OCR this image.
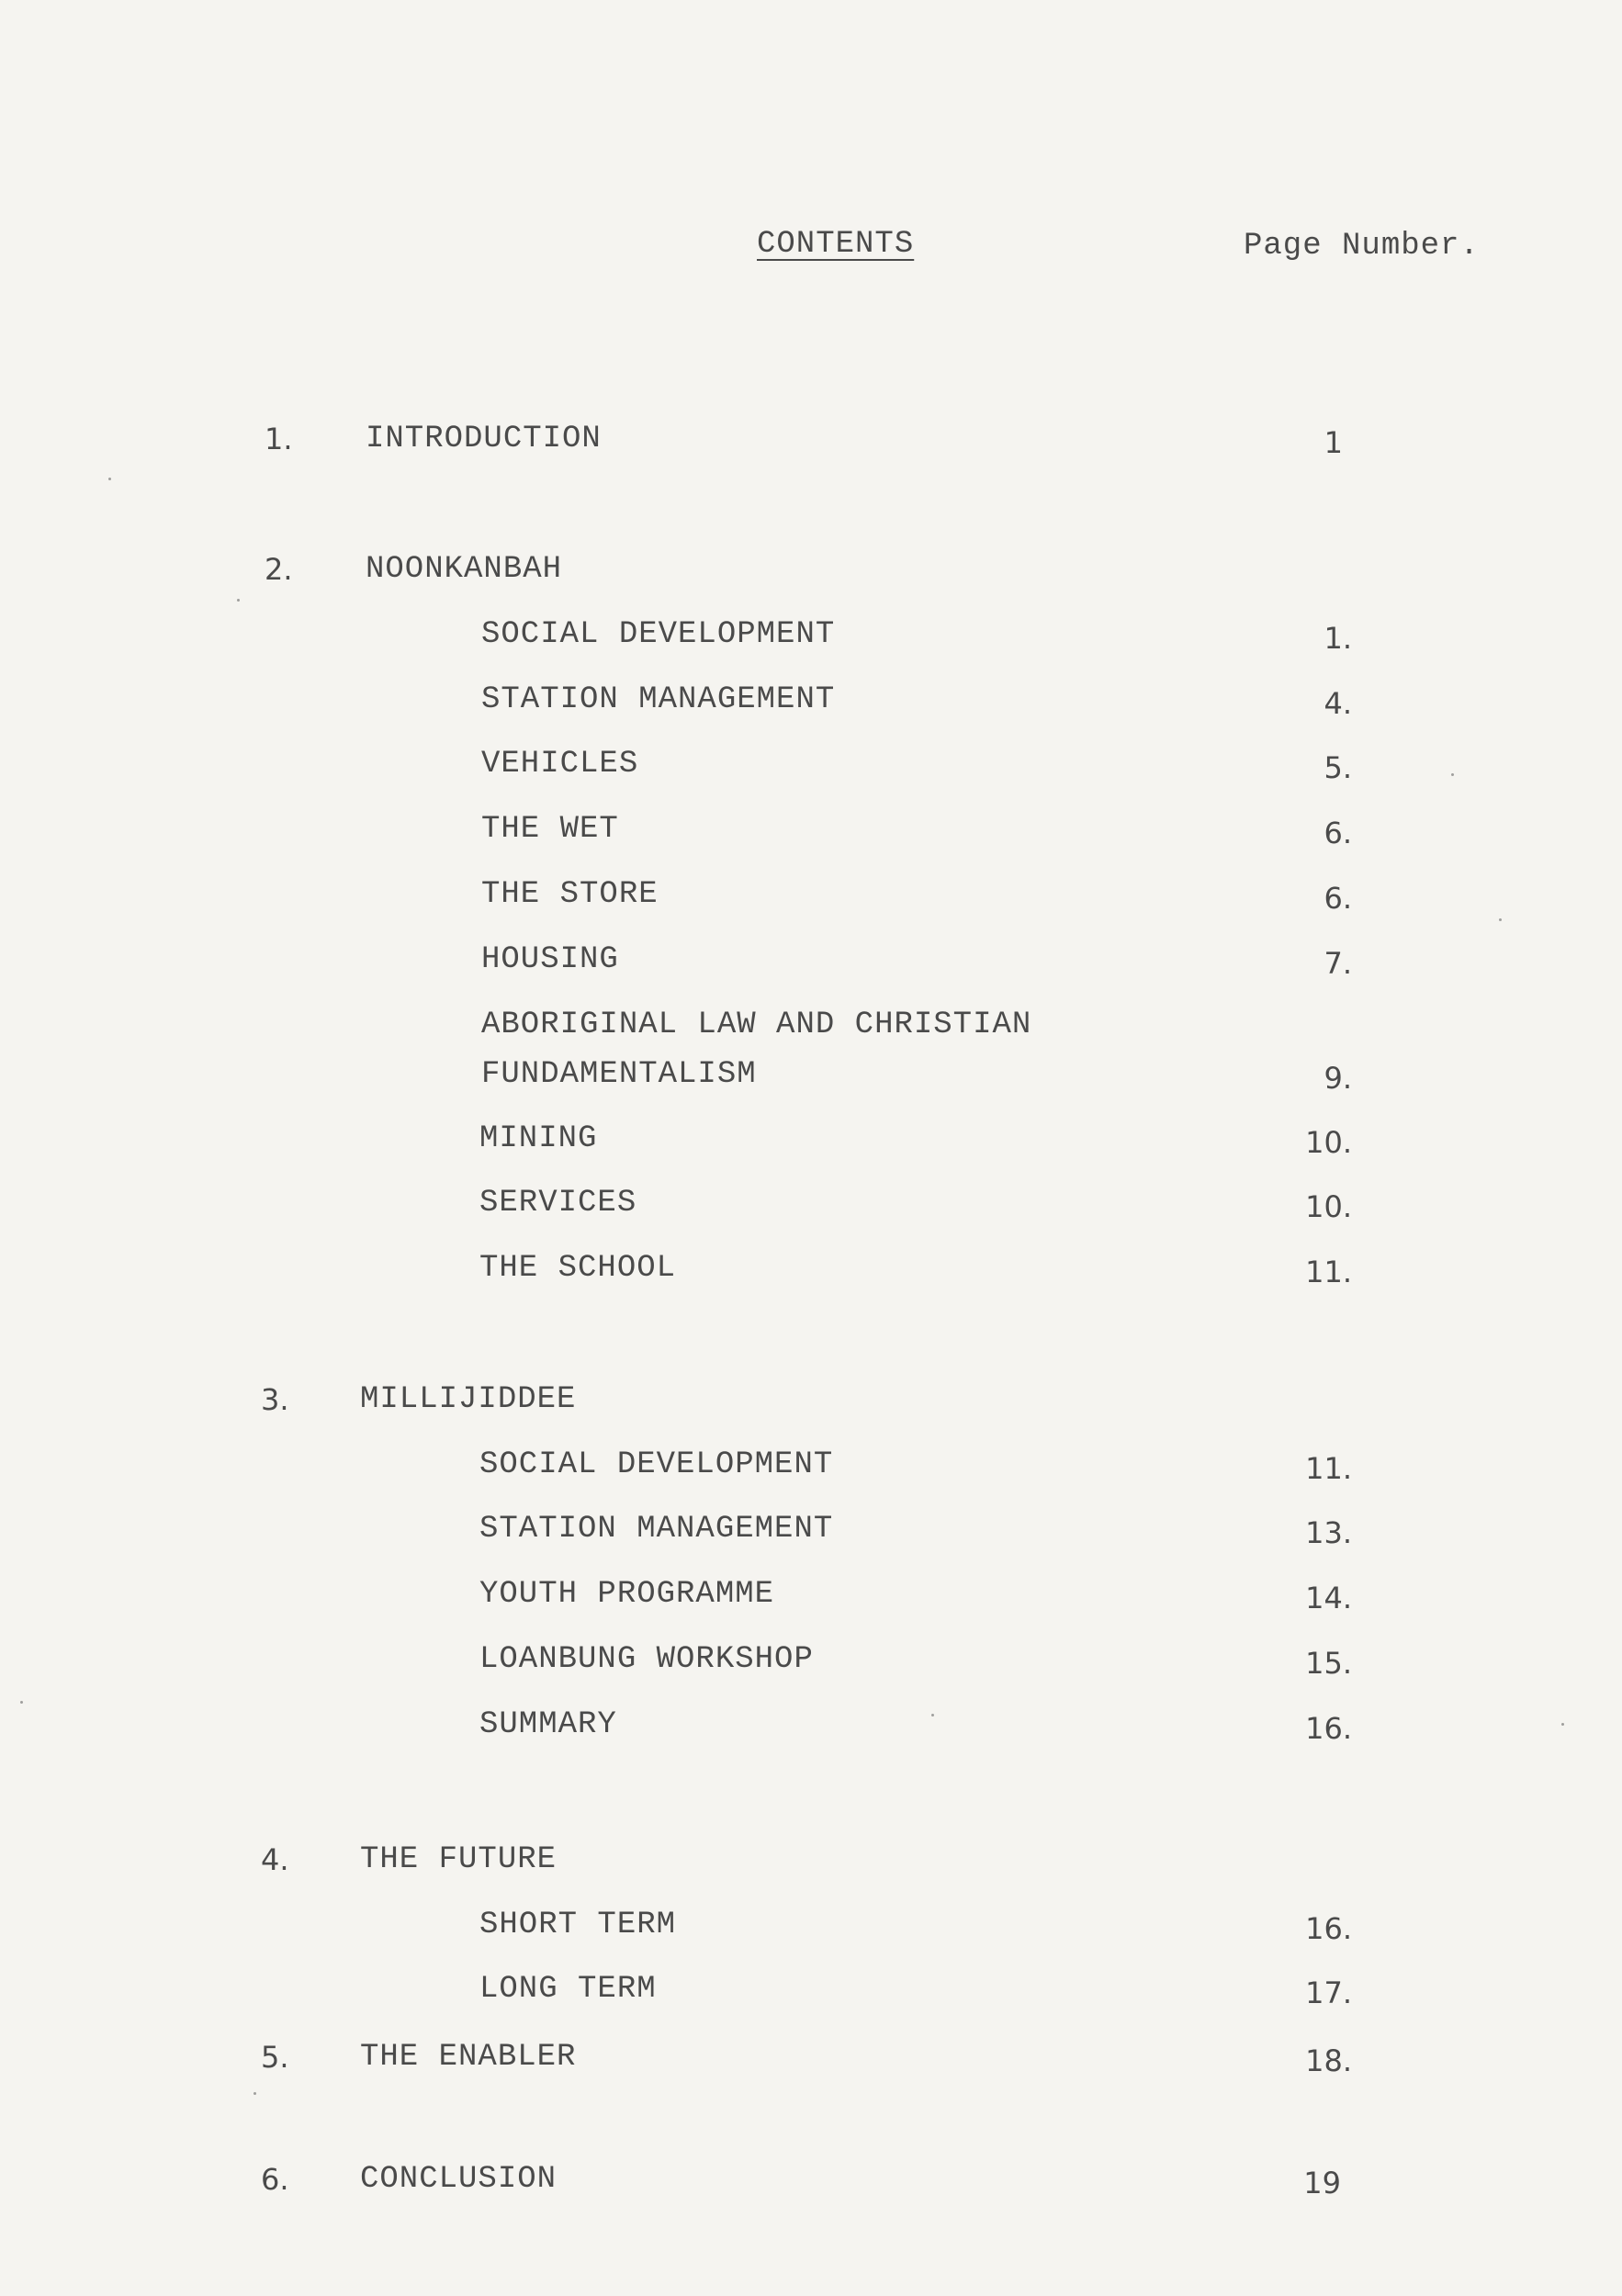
CONTENTS	Page Number.
1. INTRODUCTION	1
2. NOONKANBAH
SOCIAL DEVELOPMENT	1.
STATION MANAGEMENT	4.
VEHICLES	5.
THE WET	6.
THE STORE	6.
HOUSING	7.
ABORIGINAL LAW AND CHRISTIAN
FUNDAMENTALISM	9.
MINING	10.
SERVICES	10.
THE SCHOOL	11.
3. MILLIJIDDEE
SOCIAL DEVELOPMENT	11.
STATION MANAGEMENT	13.
YOUTH PROGRAMME	14.
LOANBUNG WORKSHOP	15.
SUMMARY	16.
4. THE FUTURE
SHORT TERM	16.
LONG TERM	17.
5. THE ENABLER	18.
6. CONCLUSION	19
